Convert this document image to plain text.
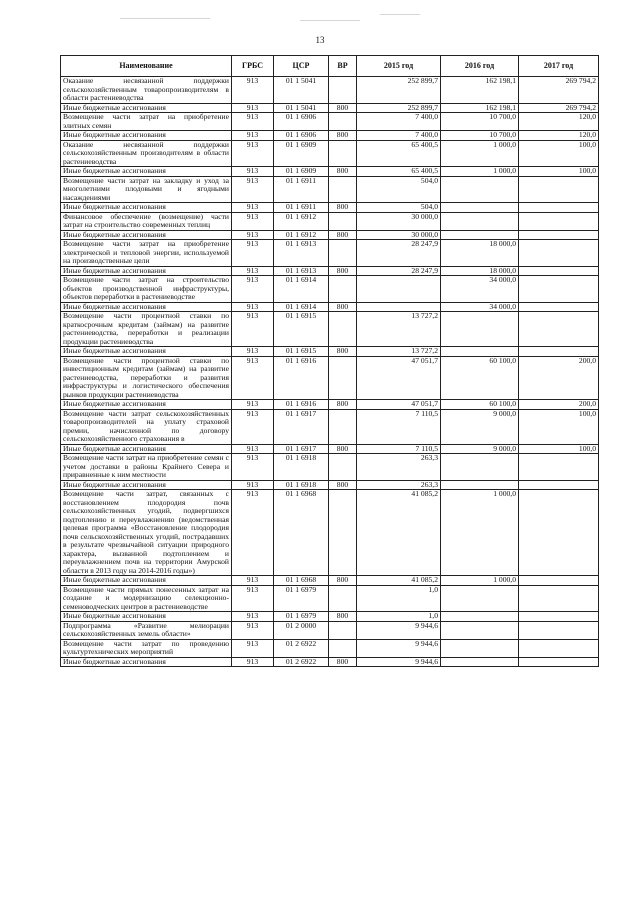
13
Наименование	ГРБС	ЦСР	ВР	2015 год	2016 год	2017 год
Оказание несвязанной поддержки сельскохозяйственным товаропроизводителям в области растениеводства	913	01 1 5041		252 899,7	162 198,1	269 794,2
Иные бюджетные ассигнования	913	01 1 5041	800	252 899,7	162 198,1	269 794,2
Возмещение части затрат на приобретение элитных семян	913	01 1 6906		7 400,0	10 700,0	120,0
Иные бюджетные ассигнования	913	01 1 6906	800	7 400,0	10 700,0	120,0
Оказание несвязанной поддержки сельскохозяйственным производителям в области растениеводства	913	01 1 6909		65 400,5	1 000,0	100,0
Иные бюджетные ассигнования	913	01 1 6909	800	65 400,5	1 000,0	100,0
Возмещение части затрат на закладку и уход за многолетними плодовыми и ягодными насаждениями	913	01 1 6911		504,0		
Иные бюджетные ассигнования	913	01 1 6911	800	504,0		
Финансовое обеспечение (возмещение) части затрат на строительство современных теплиц	913	01 1 6912		30 000,0		
Иные бюджетные ассигнования	913	01 1 6912	800	30 000,0		
Возмещение части затрат на приобретение электрической и тепловой энергии, используемой на производственные цели	913	01 1 6913		28 247,9	18 000,0	
Иные бюджетные ассигнования	913	01 1 6913	800	28 247,9	18 000,0	
Возмещение части затрат на строительство объектов производственной инфраструктуры, объектов переработки в растениеводстве	913	01 1 6914			34 000,0	
Иные бюджетные ассигнования	913	01 1 6914	800		34 000,0	
Возмещение части процентной ставки по краткосрочным кредитам (займам) на развитие растениеводства, переработки и реализации продукции растениеводства	913	01 1 6915		13 727,2		
Иные бюджетные ассигнования	913	01 1 6915	800	13 727,2		
Возмещение части процентной ставки по инвестиционным кредитам (займам) на развитие растениеводства, переработки и развития инфраструктуры и логистического обеспечения рынков продукции растениеводства	913	01 1 6916		47 051,7	60 100,0	200,0
Иные бюджетные ассигнования	913	01 1 6916	800	47 051,7	60 100,0	200,0
Возмещение части затрат сельскохозяйственных товаропроизводителей на уплату страховой премии, начисленной по договору сельскохозяйственного страхования в	913	01 1 6917		7 110,5	9 000,0	100,0
Иные бюджетные ассигнования	913	01 1 6917	800	7 110,5	9 000,0	100,0
Возмещение части затрат на приобретение семян с учетом доставки в районы Крайнего Севера и приравненные к ним местности	913	01 1 6918		263,3		
Иные бюджетные ассигнования	913	01 1 6918	800	263,3		
Возмещение части затрат, связанных с восстановлением плодородия почв сельскохозяйственных угодий, подвергшихся подтоплению и переувлажнению (ведомственная целевая программа «Восстановление плодородия почв сельскохозяйственных угодий, пострадавших в результате чрезвычайной ситуации природного характера, вызванной подтоплением и переувлажнением почв на территории Амурской области в 2013 году на 2014-2016 годы»)	913	01 1 6968		41 085,2	1 000,0	
Иные бюджетные ассигнования	913	01 1 6968	800	41 085,2	1 000,0	
Возмещение части прямых понесенных затрат на создание и модернизацию селекционно-семеноводческих центров в растениеводстве	913	01 1 6979		1,0		
Иные бюджетные ассигнования	913	01 1 6979	800	1,0		
Подпрограмма «Развитие мелиорации сельскохозяйственных земель области»	913	01 2 0000		9 944,6		
Возмещение части затрат по проведению культуртехнических мероприятий	913	01 2 6922		9 944,6		
Иные бюджетные ассигнования	913	01 2 6922	800	9 944,6		
